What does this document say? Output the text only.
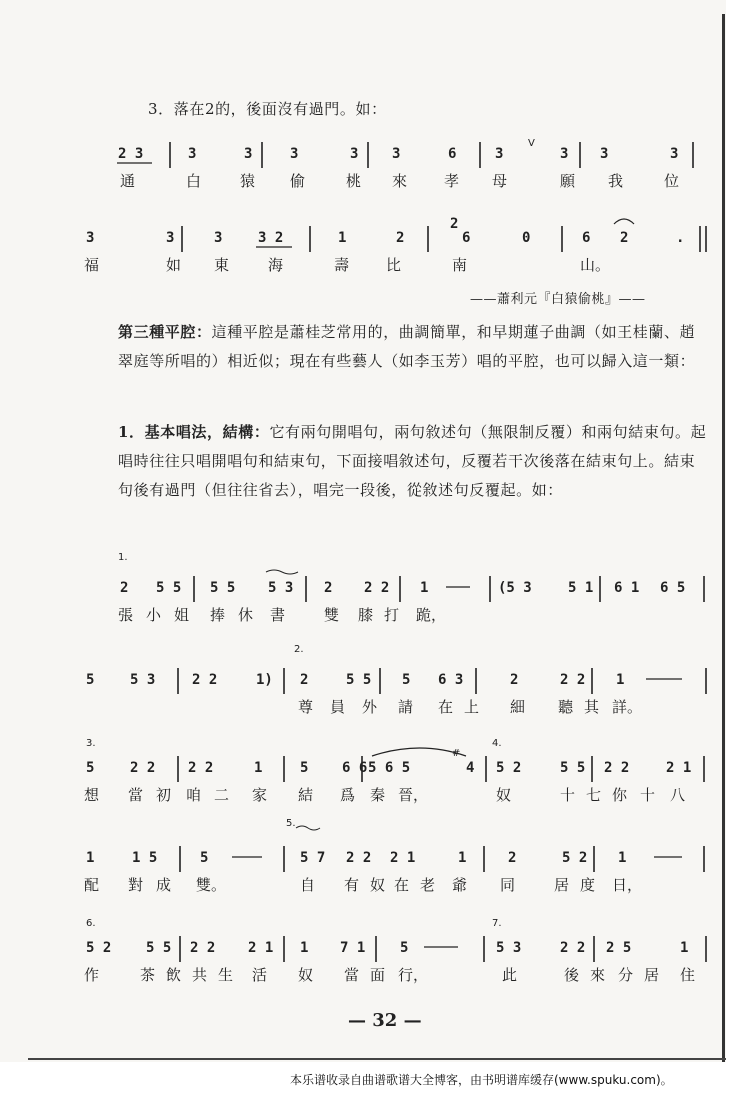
3．落在2的，後面沒有過門。如：

2 3	3	3	3	3 3	6	3
V
3 3	3
通	白	猿 偷	桃 來 孝 母	願 我	位
3	3	3	3 2	1	2
2
6	0	6 2	.
福	如 東	海	壽 比	南	山。
1.
2 5 5 5 5 5 3 2 2 2 1	(5 3	5 1 6 1 6 5
張 小 姐 捧 休 書	雙 膝 打 跪，
5	5 3	2 2	1)
2.
2	5 5 5 6 3	2	2 2 1
尊 員 外 請 在 上 細 聽 其 詳。
3.
5	2 2 2 2	1	5 6 6 5 6 5
#
4
4.
5 2	5 5 2 2	2 1
想 當 初 咱 二 家 結 爲 秦 晉，	奴	十 七 你 十 八
5.
1	1 5	5	5 7 2 2 2 1	1	2	5 2 1
配 對 成 雙。	自 有 奴 在 老 爺 同	居 度 日，
6.
5 2 5 5 2 2 2 1 1 7 1 5
7.
5 3	2 2 2 5	1
作	茶 飲 共 生 活 奴 當 面 行，	此	後 來 分 居 住
——蕭利元『白猿偷桃』——

第三種平腔：這種平腔是蕭桂芝常用的，曲調簡單，和早期蓮子曲調（如王桂蘭、趙翠庭等所唱的）相近似；現在有些藝人（如李玉芳）唱的平腔，也可以歸入這一類：

1．基本唱法，結構：它有兩句開唱句，兩句敘述句（無限制反覆）和兩句結束句。起唱時往往只唱開唱句和結束句，下面接唱敘述句，反覆若干次後落在結束句上。結束句後有過門（但往往省去），唱完一段後，從敘述句反覆起。如：

— 32 —
本乐谱收录自曲谱歌谱大全博客，由书明谱库缓存(www.spuku.com)。
